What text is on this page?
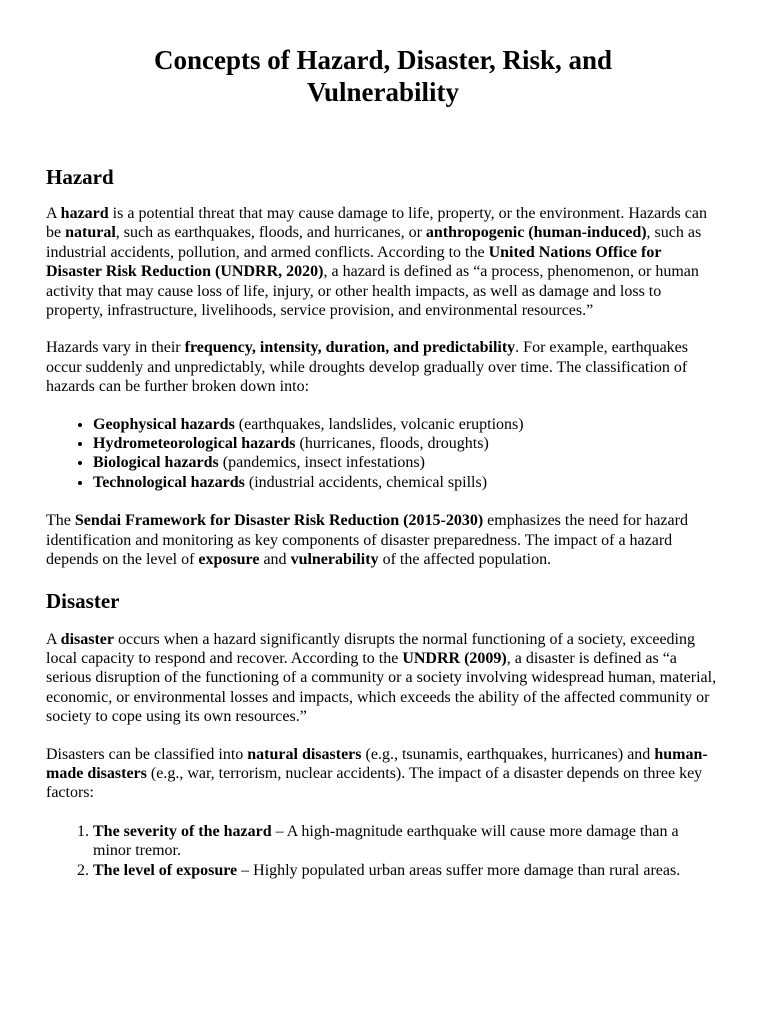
Concepts of Hazard, Disaster, Risk, and Vulnerability
Hazard

A hazard is a potential threat that may cause damage to life, property, or the environment. Hazards can be natural, such as earthquakes, floods, and hurricanes, or anthropogenic (human-induced), such as industrial accidents, pollution, and armed conflicts. According to the United Nations Office for Disaster Risk Reduction (UNDRR, 2020), a hazard is defined as “a process, phenomenon, or human activity that may cause loss of life, injury, or other health impacts, as well as damage and loss to property, infrastructure, livelihoods, service provision, and environmental resources.”

Hazards vary in their frequency, intensity, duration, and predictability. For example, earthquakes occur suddenly and unpredictably, while droughts develop gradually over time. The classification of hazards can be further broken down into:

• Geophysical hazards (earthquakes, landslides, volcanic eruptions)
• Hydrometeorological hazards (hurricanes, floods, droughts)
• Biological hazards (pandemics, insect infestations)
• Technological hazards (industrial accidents, chemical spills)

The Sendai Framework for Disaster Risk Reduction (2015-2030) emphasizes the need for hazard identification and monitoring as key components of disaster preparedness. The impact of a hazard depends on the level of exposure and vulnerability of the affected population.

Disaster

A disaster occurs when a hazard significantly disrupts the normal functioning of a society, exceeding local capacity to respond and recover. According to the UNDRR (2009), a disaster is defined as “a serious disruption of the functioning of a community or a society involving widespread human, material, economic, or environmental losses and impacts, which exceeds the ability of the affected community or society to cope using its own resources.”

Disasters can be classified into natural disasters (e.g., tsunamis, earthquakes, hurricanes) and human-made disasters (e.g., war, terrorism, nuclear accidents). The impact of a disaster depends on three key factors:

1. The severity of the hazard – A high-magnitude earthquake will cause more damage than a minor tremor.
2. The level of exposure – Highly populated urban areas suffer more damage than rural areas.
